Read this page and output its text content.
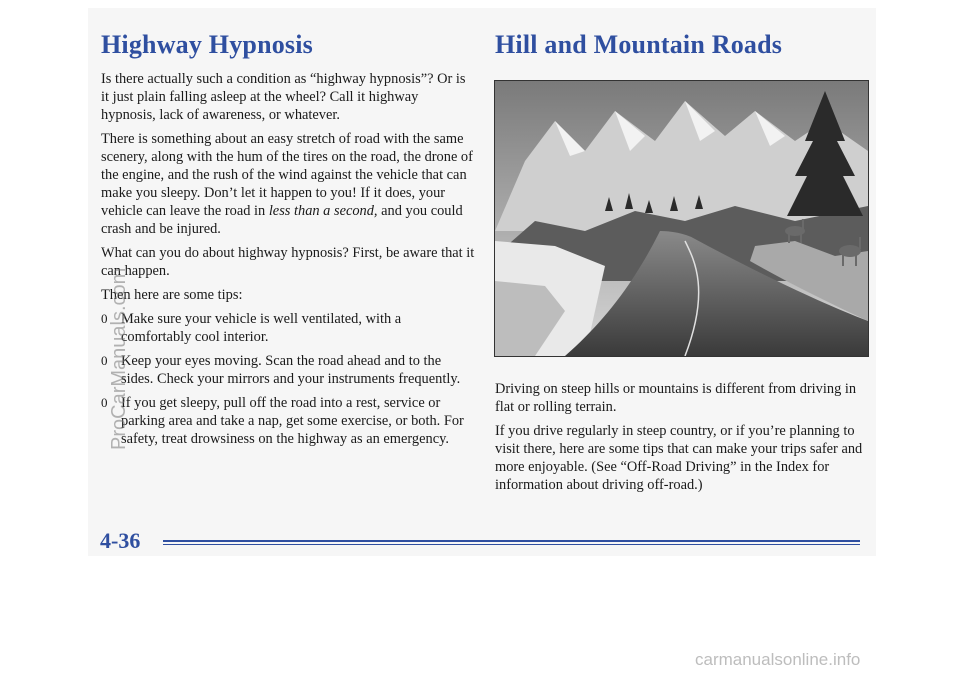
Highway Hypnosis

Is there actually such a condition as “highway hypnosis”? Or is it just plain falling asleep at the wheel? Call it highway hypnosis, lack of awareness, or whatever.

There is something about an easy stretch of road with the same scenery, along with the hum of the tires on the road, the drone of the engine, and the rush of the wind against the vehicle that can make you sleepy. Don’t let it happen to you! If it does, your vehicle can leave the road in less than a second, and you could crash and be injured.

What can you do about highway hypnosis? First, be aware that it can happen.

Then here are some tips:

0 Make sure your vehicle is well ventilated, with a comfortably cool interior.
0 Keep your eyes moving. Scan the road ahead and to the sides. Check your mirrors and your instruments frequently.
0 If you get sleepy, pull off the road into a rest, service or parking area and take a nap, get some exercise, or both. For safety, treat drowsiness on the highway as an emergency.
Hill and Mountain Roads

Driving on steep hills or mountains is different from driving in flat or rolling terrain.

If you drive regularly in steep country, or if you’re planning to visit there, here are some tips that can make your trips safer and more enjoyable. (See “Off-Road Driving” in the Index for information about driving off-road.)

4-36
ProCarManuals.com
carmanualsonline.info
